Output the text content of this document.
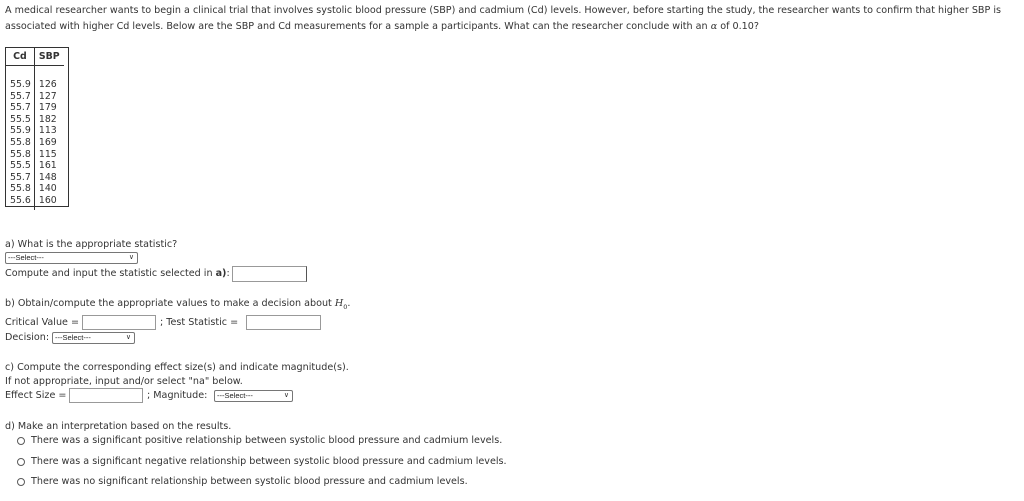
A medical researcher wants to begin a clinical trial that involves systolic blood pressure (SBP) and cadmium (Cd) levels. However, before starting the study, the researcher wants to confirm that higher SBP is
associated with higher Cd levels. Below are the SBP and Cd measurements for a sample a participants. What can the researcher conclude with an α of 0.10?
Cd	SBP
55.9	126
55.7	127
55.7	179
55.5	182
55.9	113
55.8	169
55.8	115
55.5	161
55.7	148
55.8	140
55.6	160
a) What is the appropriate statistic?
---Select---	∨
Compute and input the statistic selected in a):
b) Obtain/compute the appropriate values to make a decision about $H_0$.
Critical Value =	; Test Statistic =
Decision: ---Select---	∨
c) Compute the corresponding effect size(s) and indicate magnitude(s).
If not appropriate, input and/or select "na" below.
Effect Size =	; Magnitude:	---Select---	∨
d) Make an interpretation based on the results.
There was a significant positive relationship between systolic blood pressure and cadmium levels.
There was a significant negative relationship between systolic blood pressure and cadmium levels.
There was no significant relationship between systolic blood pressure and cadmium levels.
